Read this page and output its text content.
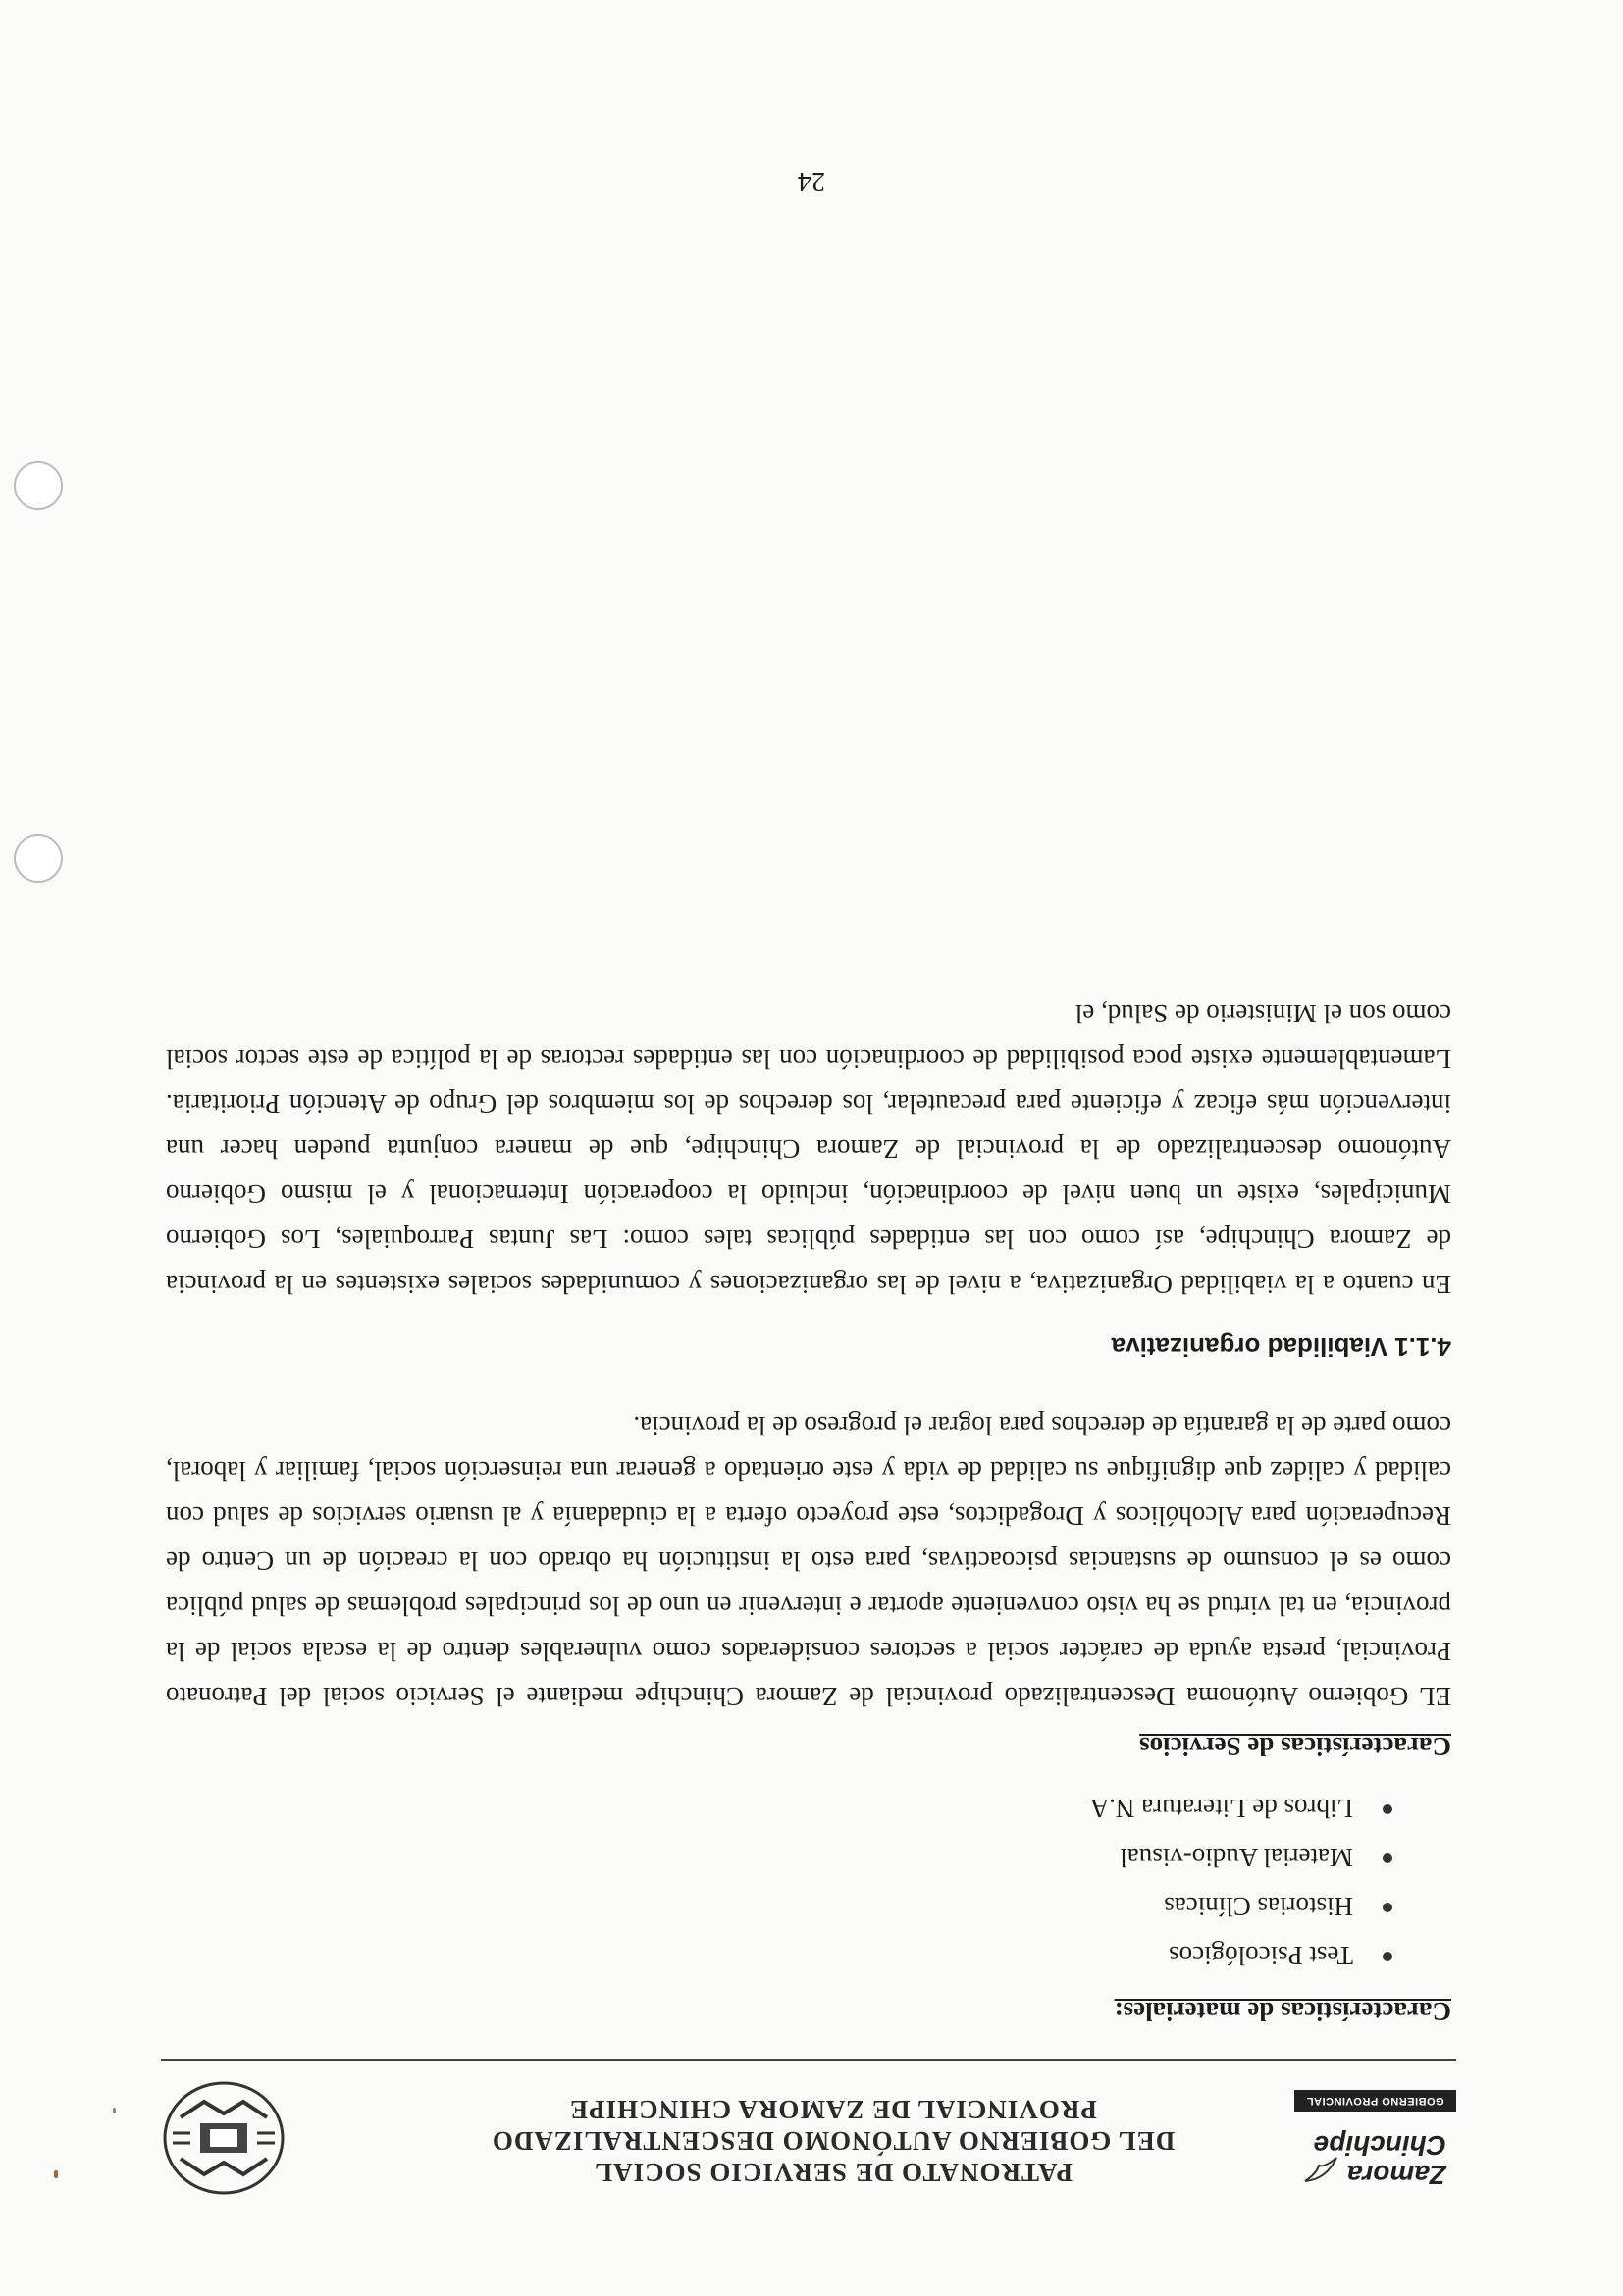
Zamora
Chinchipe
GOBIERNO PROVINCIAL
PATRONATO DE SERVICIO SOCIAL
DEL GOBIERNO AUTÓNOMO DESCENTRALIZADO
PROVINCIAL DE ZAMORA CHINCHIPE
Características de materiales:
Test Psicológicos
Historias Clínicas
Material Audio-visual
Libros de Literatura N.A
Características de Servicios

EL Gobierno Autónoma Descentralizado provincial de Zamora Chinchipe mediante el Servicio social del Patronato Provincial, presta ayuda de carácter social a sectores considerados como vulnerables dentro de la escala social de la provincia, en tal virtud se ha visto conveniente aportar e intervenir en uno de los principales problemas de salud pública como es el consumo de sustancias psicoactivas, para esto la institución ha obrado con la creación de un Centro de Recuperación para Alcohólicos y Drogadictos, este proyecto oferta a la ciudadanía y al usuario servicios de salud con calidad y calidez que dignifique su calidad de vida y este orientado a generar una reinserción social, familiar y laboral, como parte de la garantía de derechos para lograr el progreso de la provincia.

4.1.1 Viabilidad organizativa

En cuanto a la viabilidad Organizativa, a nivel de las organizaciones y comunidades sociales existentes en la provincia de Zamora Chinchipe, así como con las entidades públicas tales como: Las Juntas Parroquiales, Los Gobierno Municipales, existe un buen nivel de coordinación, incluido la cooperación Internacional y el mismo Gobierno Autónomo descentralizado de la provincial de Zamora Chinchipe, que de manera conjunta pueden hacer una intervención más eficaz y eficiente para precautelar, los derechos de los miembros del Grupo de Atención Prioritaria. Lamentablemente existe poca posibilidad de coordinación con las entidades rectoras de la política de este sector social como son el Ministerio de Salud, el

24
